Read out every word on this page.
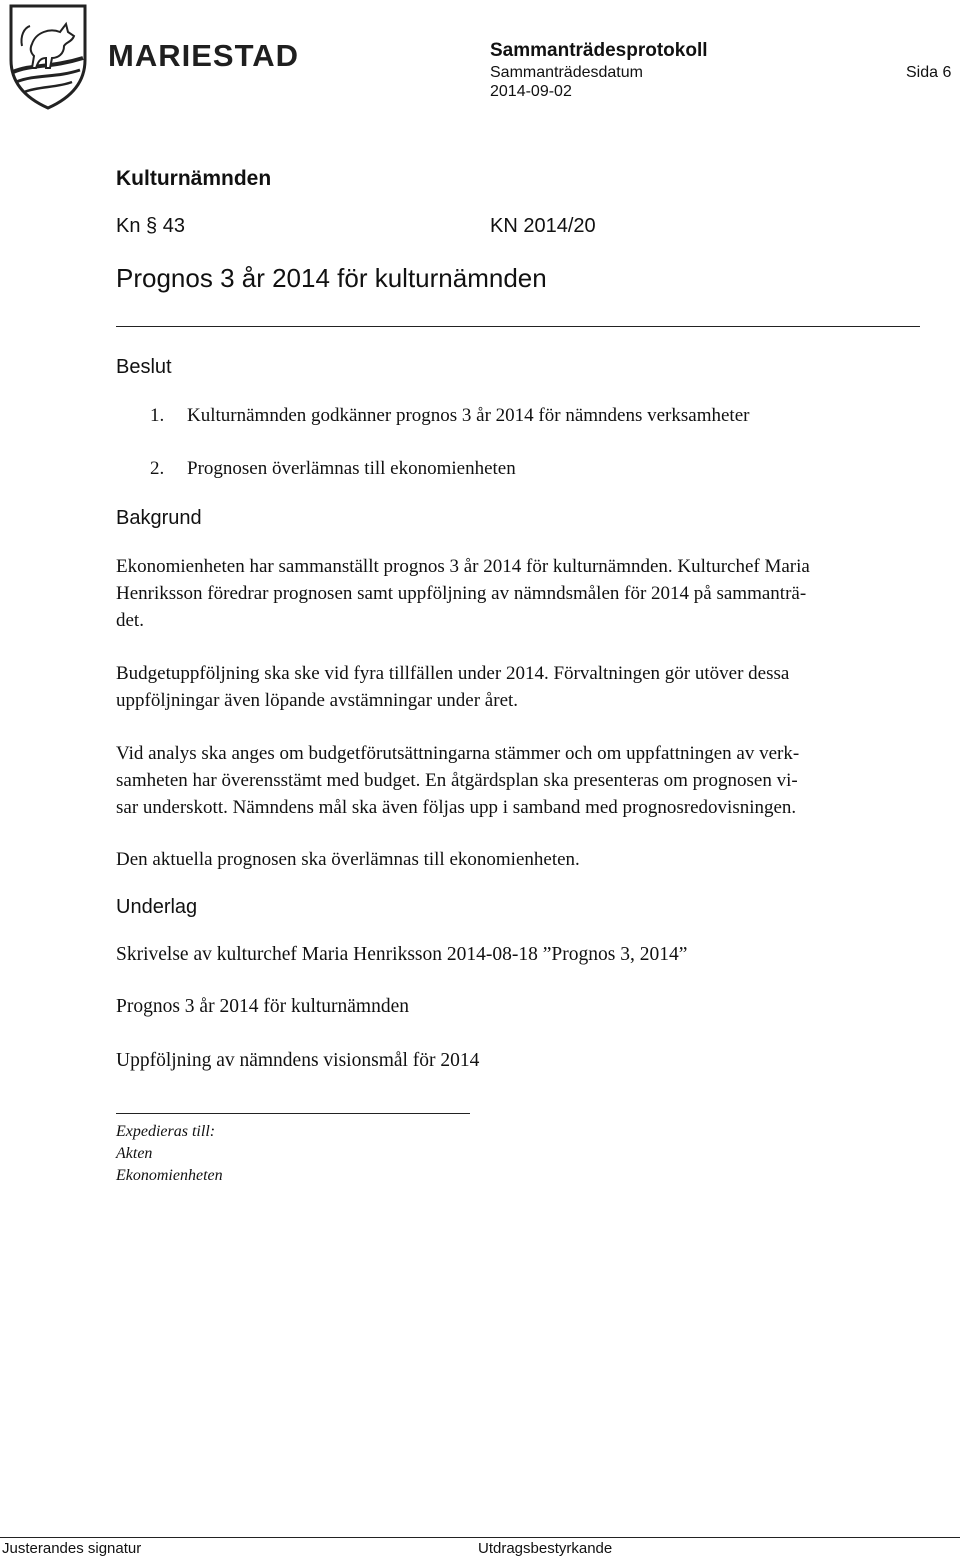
MARIESTAD	Sammanträdesprotokoll
Sammanträdesdatum
2014-09-02
Sida 6
Kulturnämnden
Kn § 43	KN 2014/20
Prognos 3 år 2014 för kulturnämnden
Beslut
1. Kulturnämnden godkänner prognos 3 år 2014 för nämndens verksamheter
2. Prognosen överlämnas till ekonomienheten
Bakgrund
Ekonomienheten har sammanställt prognos 3 år 2014 för kulturnämnden. Kulturchef Maria
Henriksson föredrar prognosen samt uppföljning av nämndsmålen för 2014 på sammanträ-
det.
Budgetuppföljning ska ske vid fyra tillfällen under 2014. Förvaltningen gör utöver dessa
uppföljningar även löpande avstämningar under året.
Vid analys ska anges om budgetförutsättningarna stämmer och om uppfattningen av verk-
samheten har överensstämt med budget. En åtgärdsplan ska presenteras om prognosen vi-
sar underskott. Nämndens mål ska även följas upp i samband med prognosredovisningen.
Den aktuella prognosen ska överlämnas till ekonomienheten.
Underlag
Skrivelse av kulturchef Maria Henriksson 2014-08-18 ”Prognos 3, 2014”
Prognos 3 år 2014 för kulturnämnden
Uppföljning av nämndens visionsmål för 2014
Expedieras till:
Akten
Ekonomienheten
Justerandes signatur	Utdragsbestyrkande
